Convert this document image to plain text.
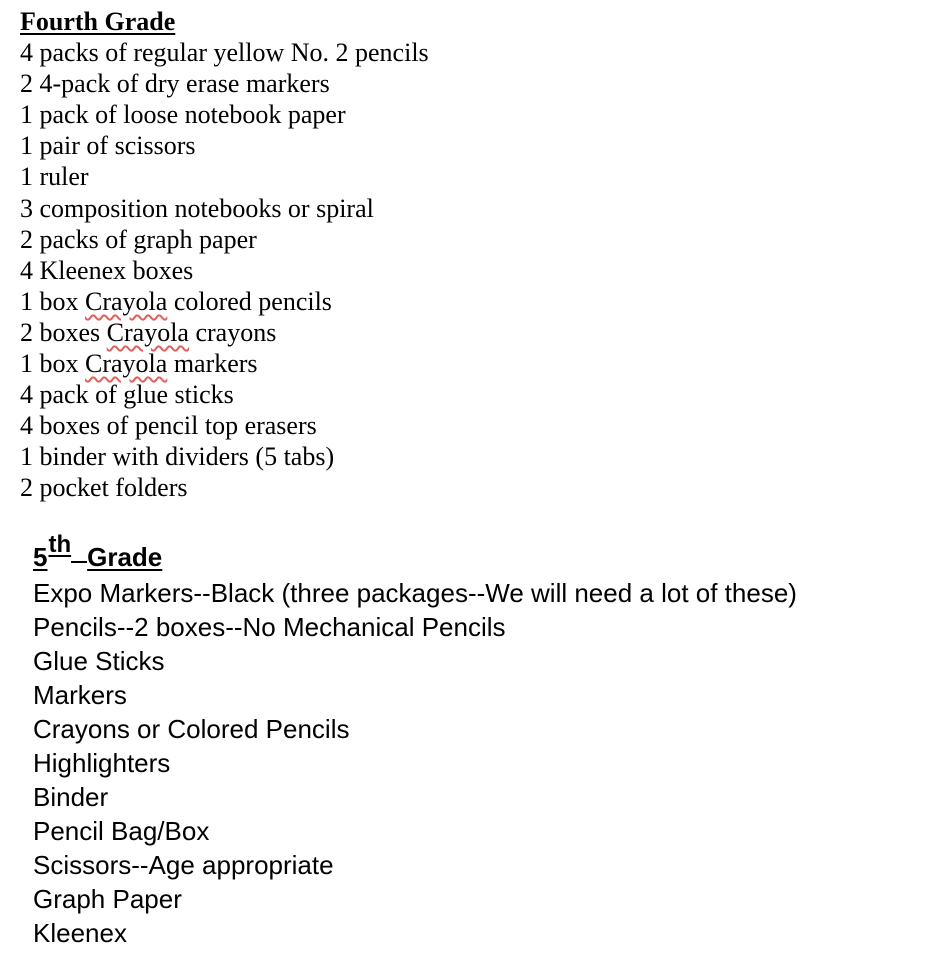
Fourth Grade
4 packs of regular yellow No. 2 pencils
2 4-pack of dry erase markers
1 pack of loose notebook paper
1 pair of scissors
1 ruler
3 composition notebooks or spiral
2 packs of graph paper
4 Kleenex boxes
1 box Crayola colored pencils
2 boxes Crayola crayons
1 box Crayola markers
4 pack of glue sticks
4 boxes of pencil top erasers
1 binder with dividers (5 tabs)
2 pocket folders
5th Grade
Expo Markers--Black (three packages--We will need a lot of these)
Pencils--2 boxes--No Mechanical Pencils
Glue Sticks
Markers
Crayons or Colored Pencils
Highlighters
Binder
Pencil Bag/Box
Scissors--Age appropriate
Graph Paper
Kleenex
